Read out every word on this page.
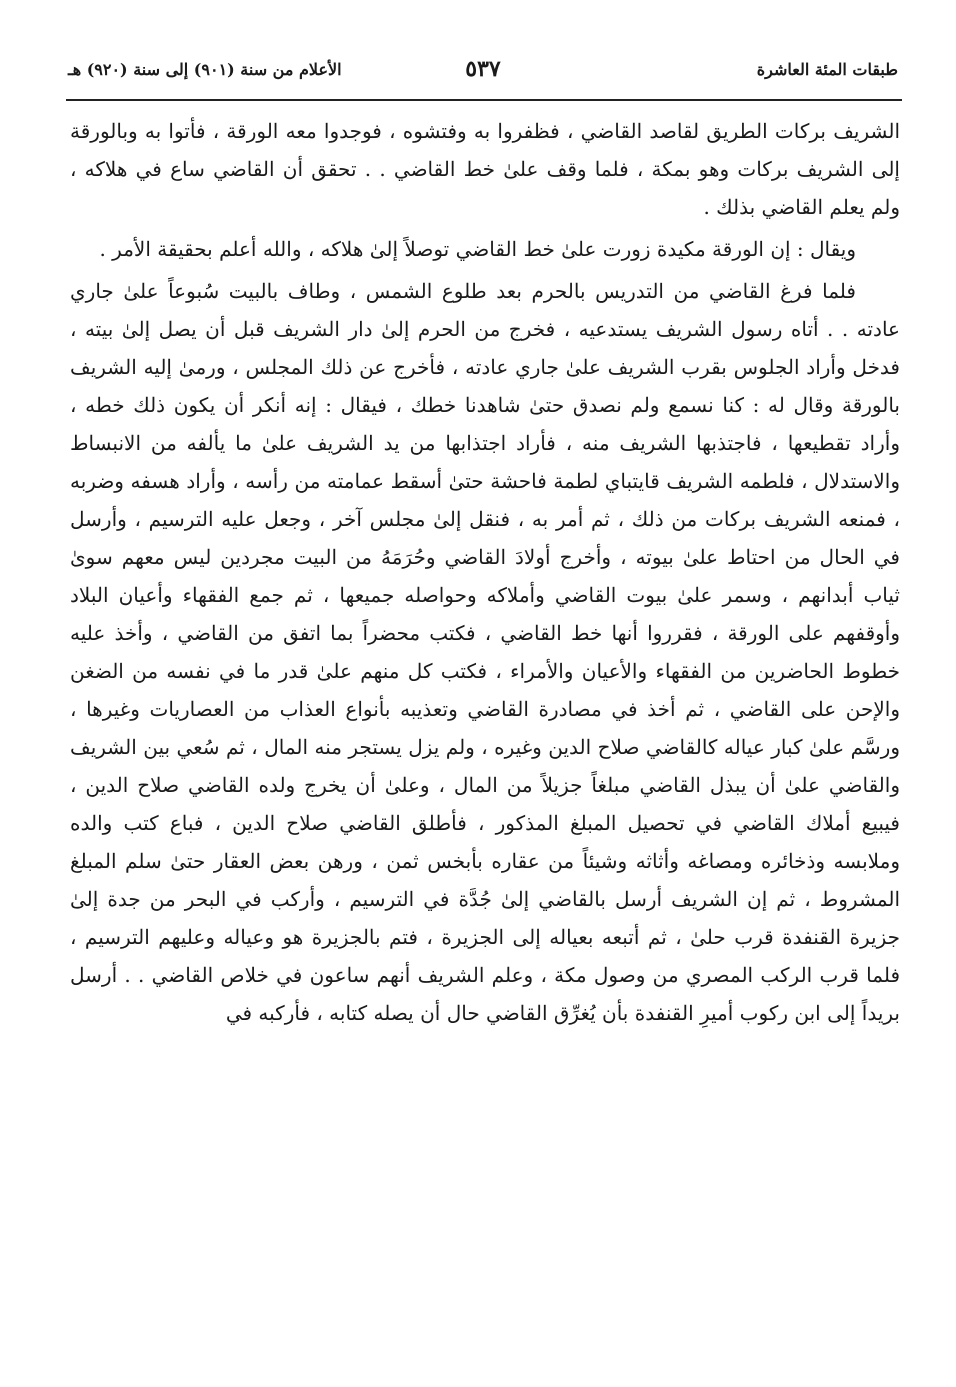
طبقات المئة العاشرة
٥٣٧
الأعلام من سنة (٩٠١) إلى سنة (٩٢٠) هـ

الشريف بركات الطريق لقاصد القاضي ، فظفروا به وفتشوه ، فوجدوا معه الورقة ، فأتوا به وبالورقة إلى الشريف بركات وهو بمكة ، فلما وقف علىٰ خط القاضي . . تحقق أن القاضي ساع في هلاكه ، ولم يعلم القاضي بذلك .

ويقال : إن الورقة مكيدة زورت علىٰ خط القاضي توصلاً إلىٰ هلاكه ، والله أعلم بحقيقة الأمر .

فلما فرغ القاضي من التدريس بالحرم بعد طلوع الشمس ، وطاف بالبيت سُبوعاً علىٰ جاري عادته . . أتاه رسول الشريف يستدعيه ، فخرج من الحرم إلىٰ دار الشريف قبل أن يصل إلىٰ بيته ، فدخل وأراد الجلوس بقرب الشريف علىٰ جاري عادته ، فأخرج عن ذلك المجلس ، ورمىٰ إليه الشريف بالورقة وقال له : كنا نسمع ولم نصدق حتىٰ شاهدنا خطك ، فيقال : إنه أنكر أن يكون ذلك خطه ، وأراد تقطيعها ، فاجتذبها الشريف منه ، فأراد اجتذابها من يد الشريف علىٰ ما يألفه من الانبساط والاستدلال ، فلطمه الشريف قايتباي لطمة فاحشة حتىٰ أسقط عمامته من رأسه ، وأراد هسفه وضربه ، فمنعه الشريف بركات من ذلك ، ثم أمر به ، فنقل إلىٰ مجلس آخر ، وجعل عليه الترسيم ، وأرسل في الحال من احتاط علىٰ بيوته ، وأخرج أولادَ القاضي وحُرَمَهُ من البيت مجردين ليس معهم سوىٰ ثياب أبدانهم ، وسمر علىٰ بيوت القاضي وأملاكه وحواصله جميعها ، ثم جمع الفقهاء وأعيان البلاد وأوقفهم على الورقة ، فقرروا أنها خط القاضي ، فكتب محضراً بما اتفق من القاضي ، وأخذ عليه خطوط الحاضرين من الفقهاء والأعيان والأمراء ، فكتب كل منهم علىٰ قدر ما في نفسه من الضغن والإحن على القاضي ، ثم أخذ في مصادرة القاضي وتعذيبه بأنواع العذاب من العصاريات وغيرها ، ورسَّم علىٰ كبار عياله كالقاضي صلاح الدين وغيره ، ولم يزل يستجر منه المال ، ثم سُعي بين الشريف والقاضي علىٰ أن يبذل القاضي مبلغاً جزيلاً من المال ، وعلىٰ أن يخرج ولده القاضي صلاح الدين ، فيبيع أملاك القاضي في تحصيل المبلغ المذكور ، فأطلق القاضي صلاح الدين ، فباع كتب والده وملابسه وذخائره ومصاغه وأثاثه وشيئاً من عقاره بأبخس ثمن ، ورهن بعض العقار حتىٰ سلم المبلغ المشروط ، ثم إن الشريف أرسل بالقاضي إلىٰ جُدَّة في الترسيم ، وأركب في البحر من جدة إلىٰ جزيرة القنفدة قرب حلىٰ ، ثم أتبعه بعياله إلى الجزيرة ، فتم بالجزيرة هو وعياله وعليهم الترسيم ، فلما قرب الركب المصري من وصول مكة ، وعلم الشريف أنهم ساعون في خلاص القاضي . . أرسل بريداً إلى ابن ركوب أميرِ القنفدة بأن يُغرِّق القاضي حال أن يصله كتابه ، فأركبه في
